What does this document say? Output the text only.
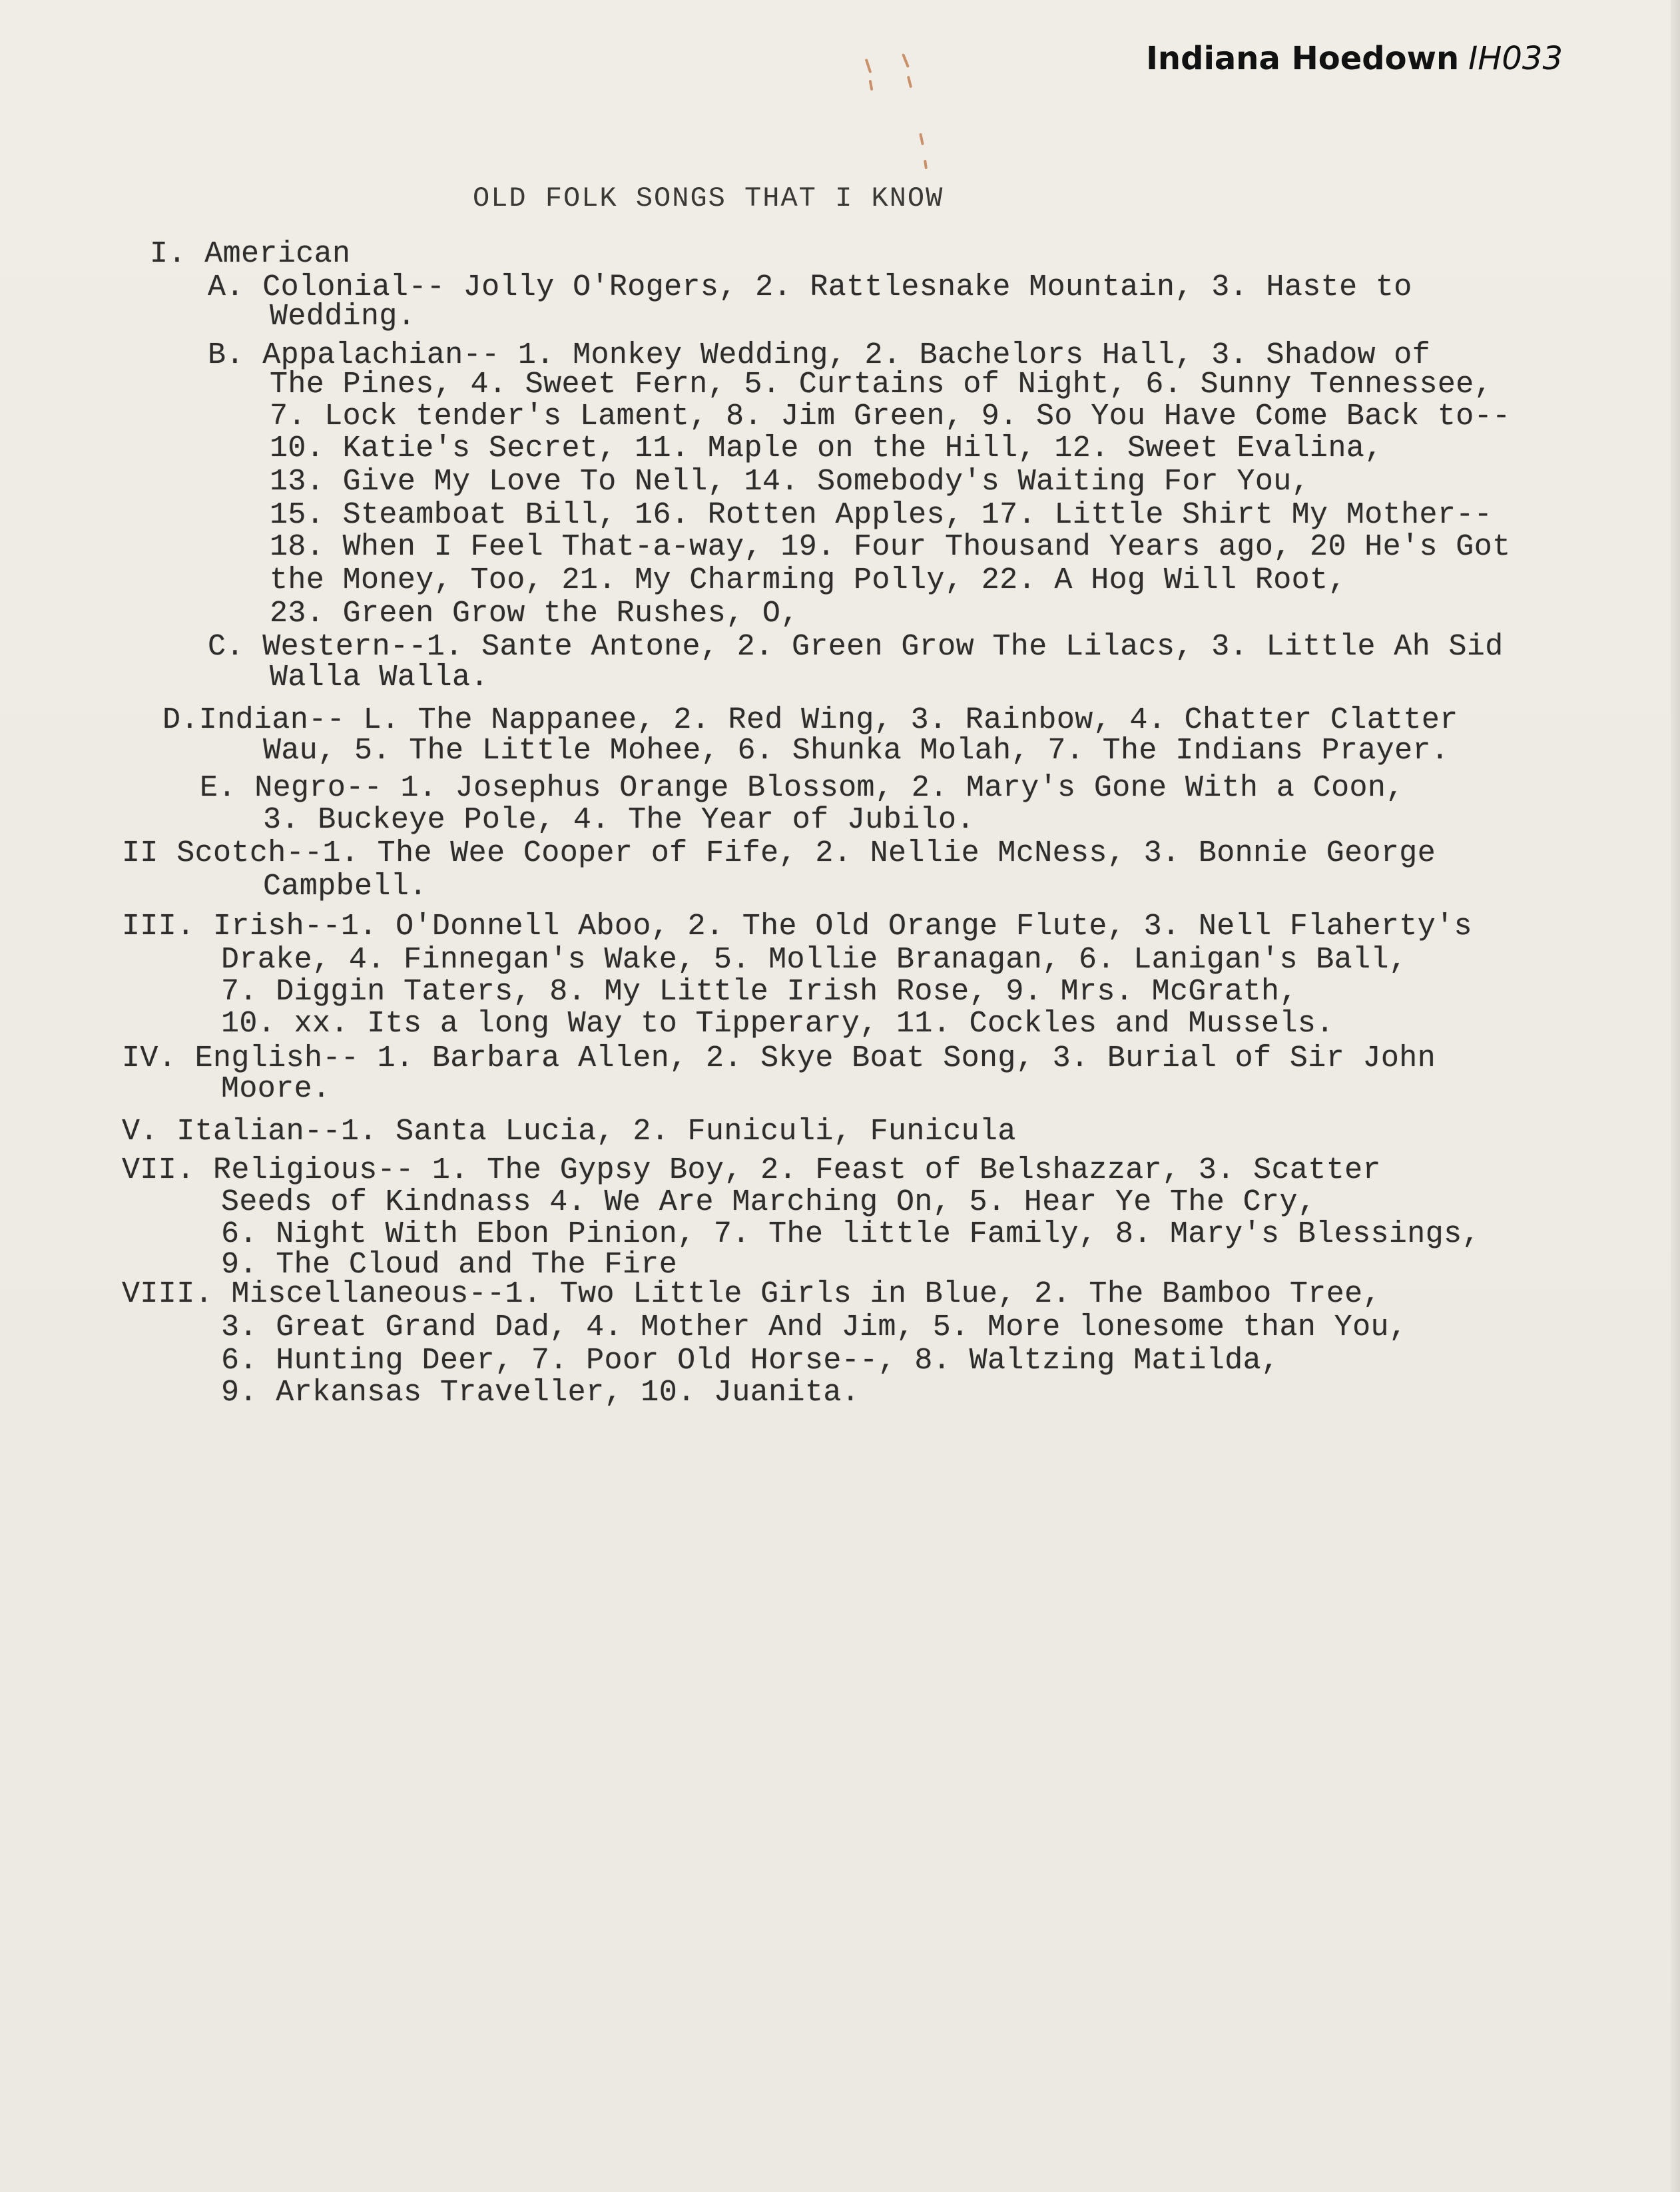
Indiana Hoedown IH033
OLD FOLK SONGS THAT I KNOW

I. American

A. Colonial-- Jolly O'Rogers, 2. Rattlesnake Mountain, 3. Haste to

Wedding.

B. Appalachian-- 1. Monkey Wedding, 2. Bachelors Hall, 3. Shadow of

The Pines, 4. Sweet Fern, 5. Curtains of Night, 6. Sunny Tennessee,

7. Lock tender's Lament, 8. Jim Green, 9. So You Have Come Back to--

10. Katie's Secret, 11. Maple on the Hill, 12. Sweet Evalina,

13. Give My Love To Nell, 14. Somebody's Waiting For You,

15. Steamboat Bill, 16. Rotten Apples, 17. Little Shirt My Mother--

18. When I Feel That-a-way, 19. Four Thousand Years ago, 20 He's Got

the Money, Too, 21. My Charming Polly, 22. A Hog Will Root,

23. Green Grow the Rushes, O,

C. Western--1. Sante Antone, 2. Green Grow The Lilacs, 3. Little Ah Sid

Walla Walla.

D.Indian-- L. The Nappanee, 2. Red Wing, 3. Rainbow, 4. Chatter Clatter

Wau, 5. The Little Mohee, 6. Shunka Molah, 7. The Indians Prayer.

E. Negro-- 1. Josephus Orange Blossom, 2. Mary's Gone With a Coon,

3. Buckeye Pole, 4. The Year of Jubilo.

II Scotch--1. The Wee Cooper of Fife, 2. Nellie McNess, 3. Bonnie George

Campbell.

III. Irish--1. O'Donnell Aboo, 2. The Old Orange Flute, 3. Nell Flaherty's

Drake, 4. Finnegan's Wake, 5. Mollie Branagan, 6. Lanigan's Ball,

7. Diggin Taters, 8. My Little Irish Rose, 9. Mrs. McGrath,

10. xx. Its a long Way to Tipperary, 11. Cockles and Mussels.

IV. English-- 1. Barbara Allen, 2. Skye Boat Song, 3. Burial of Sir John

Moore.

V. Italian--1. Santa Lucia, 2. Funiculi, Funicula

VII. Religious-- 1. The Gypsy Boy, 2. Feast of Belshazzar, 3. Scatter

Seeds of Kindnass 4. We Are Marching On, 5. Hear Ye The Cry,

6. Night With Ebon Pinion, 7. The little Family, 8. Mary's Blessings,

9. The Cloud and The Fire

VIII. Miscellaneous--1. Two Little Girls in Blue, 2. The Bamboo Tree,

3. Great Grand Dad, 4. Mother And Jim, 5. More lonesome than You,

6. Hunting Deer, 7. Poor Old Horse--, 8. Waltzing Matilda,

9. Arkansas Traveller, 10. Juanita.
